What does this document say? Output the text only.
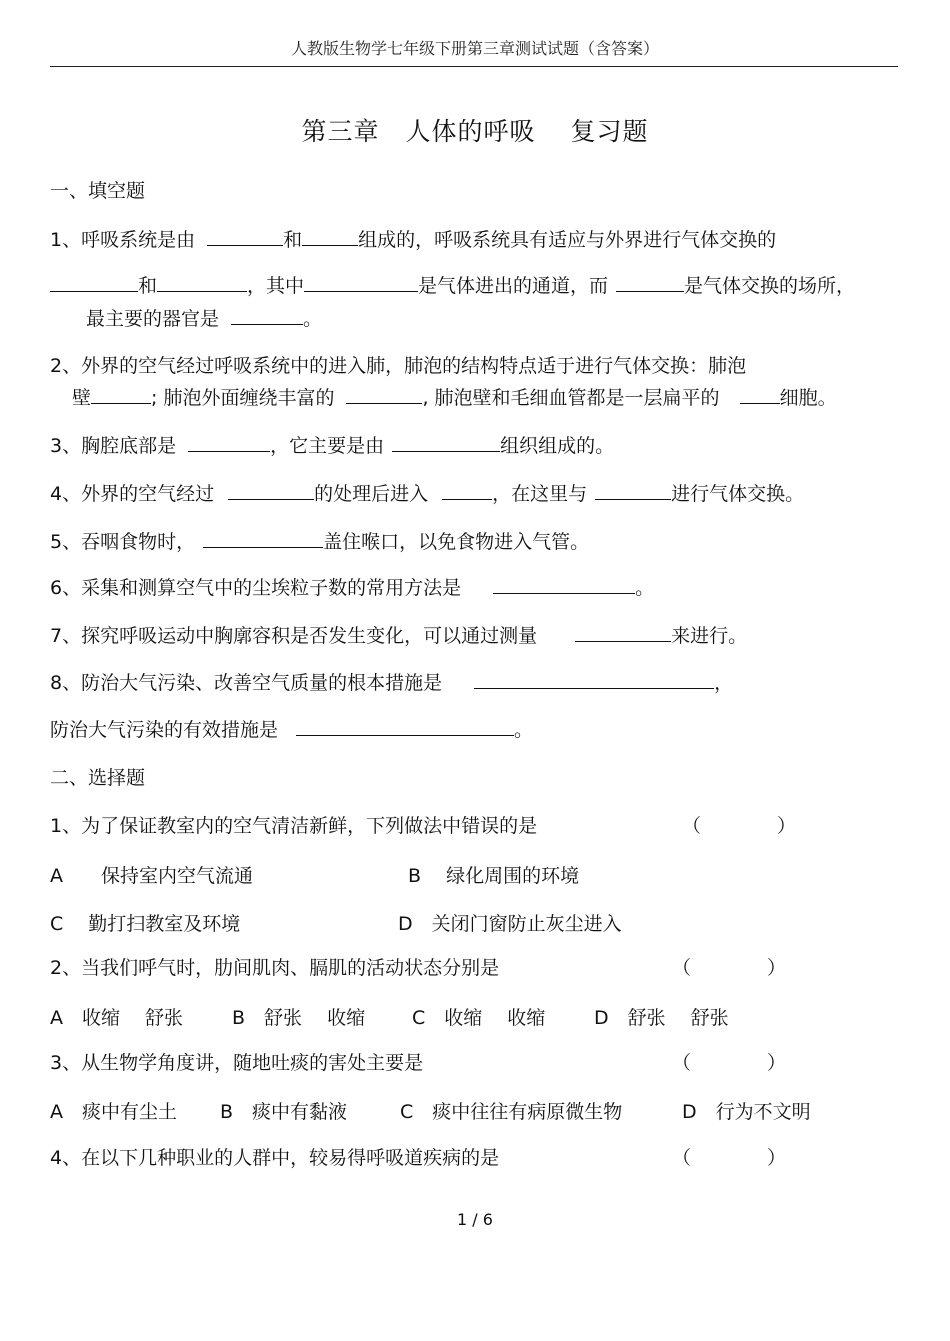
人教版生物学七年级下册第三章测试试题（含答案）
第三章　人体的呼吸　 复习题
一、填空题
1、呼吸系统是由	和	组成的，呼吸系统具有适应与外界进行气体交换的
和	，其中	是气体进出的通道，而	是气体交换的场所，
最主要的器官是	。
2、外界的空气经过呼吸系统中的进入肺，肺泡的结构特点适于进行气体交换：肺泡
壁	; 肺泡外面缠绕丰富的	, 肺泡壁和毛细血管都是一层扁平的	细胞。
3、胸腔底部是	，它主要是由	组织组成的。
4、外界的空气经过	的处理后进入	，在这里与	进行气体交换。
5、吞咽食物时，	盖住喉口，以免食物进入气管。
6、采集和测算空气中的尘埃粒子数的常用方法是	。
7、探究呼吸运动中胸廓容积是否发生变化，可以通过测量	来进行。
8、防治大气污染、改善空气质量的根本措施是	，
防治大气污染的有效措施是	。
二、选择题
1、为了保证教室内的空气清洁新鲜，下列做法中错误的是	（　　　　）
A　　保持室内空气流通	B　 绿化周围的环境
C　 勤打扫教室及环境	D　关闭门窗防止灰尘进入
2、当我们呼气时，肋间肌肉、膈肌的活动状态分别是	（　　　　）
A　收缩　 舒张	B　舒张　 收缩 C　收缩　 收缩	D　舒张　 舒张
3、从生物学角度讲，随地吐痰的害处主要是	（　　　　）
A　痰中有尘土 B　痰中有黏液	C　痰中往往有病原微生物	D　行为不文明
4、在以下几种职业的人群中，较易得呼吸道疾病的是	（　　　　）
1 / 6
